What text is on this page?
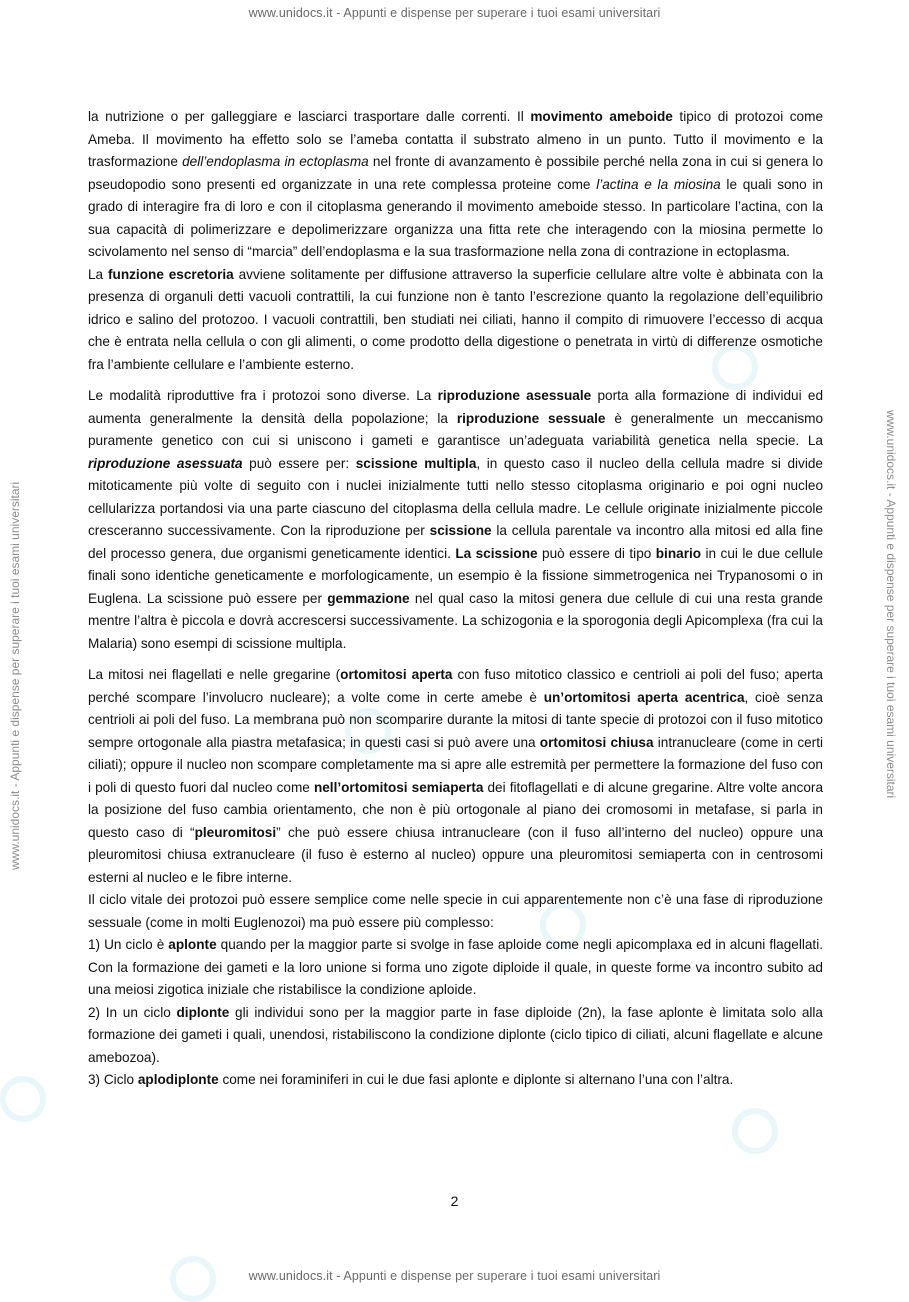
www.unidocs.it - Appunti e dispense per superare i tuoi esami universitari
www.unidocs.it - Appunti e dispense per superare i tuoi esami universitari	www.unidocs.it - Appunti e dispense per superare i tuoi esami universitari

la nutrizione o per galleggiare e lasciarci trasportare dalle correnti. Il movimento ameboide tipico di protozoi come Ameba. Il movimento ha effetto solo se l’ameba contatta il substrato almeno in un punto. Tutto il movimento e la trasformazione dell’endoplasma in ectoplasma nel fronte di avanzamento è possibile perché nella zona in cui si genera lo pseudopodio sono presenti ed organizzate in una rete complessa proteine come l’actina e la miosina le quali sono in grado di interagire fra di loro e con il citoplasma generando il movimento ameboide stesso. In particolare l’actina, con la sua capacità di polimerizzare e depolimerizzare organizza una fitta rete che interagendo con la miosina permette lo scivolamento nel senso di “marcia” dell’endoplasma e la sua trasformazione nella zona di contrazione in ectoplasma.

La funzione escretoria avviene solitamente per diffusione attraverso la superficie cellulare altre volte è abbinata con la presenza di organuli detti vacuoli contrattili, la cui funzione non è tanto l’escrezione quanto la regolazione dell’equilibrio idrico e salino del protozoo. I vacuoli contrattili, ben studiati nei ciliati, hanno il compito di rimuovere l’eccesso di acqua che è entrata nella cellula o con gli alimenti, o come prodotto della digestione o penetrata in virtù di differenze osmotiche fra l’ambiente cellulare e l’ambiente esterno.

Le modalità riproduttive fra i protozoi sono diverse. La riproduzione asessuale porta alla formazione di individui ed aumenta generalmente la densità della popolazione; la riproduzione sessuale è generalmente un meccanismo puramente genetico con cui si uniscono i gameti e garantisce un’adeguata variabilità genetica nella specie. La riproduzione asessuata può essere per: scissione multipla, in questo caso il nucleo della cellula madre si divide mitoticamente più volte di seguito con i nuclei inizialmente tutti nello stesso citoplasma originario e poi ogni nucleo cellularizza portandosi via una parte ciascuno del citoplasma della cellula madre. Le cellule originate inizialmente piccole cresceranno successivamente. Con la riproduzione per scissione la cellula parentale va incontro alla mitosi ed alla fine del processo genera, due organismi geneticamente identici. La scissione può essere di tipo binario in cui le due cellule finali sono identiche geneticamente e morfologicamente, un esempio è la fissione simmetrogenica nei Trypanosomi o in Euglena. La scissione può essere per gemmazione nel qual caso la mitosi genera due cellule di cui una resta grande mentre l’altra è piccola e dovrà accrescersi successivamente. La schizogonia e la sporogonia degli Apicomplexa (fra cui la Malaria) sono esempi di scissione multipla.

La mitosi nei flagellati e nelle gregarine (ortomitosi aperta con fuso mitotico classico e centrioli ai poli del fuso; aperta perché scompare l’involucro nucleare); a volte come in certe amebe è un’ortomitosi aperta acentrica, cioè senza centrioli ai poli del fuso. La membrana può non scomparire durante la mitosi di tante specie di protozoi con il fuso mitotico sempre ortogonale alla piastra metafasica; in questi casi si può avere una ortomitosi chiusa intranucleare (come in certi ciliati); oppure il nucleo non scompare completamente ma si apre alle estremità per permettere la formazione del fuso con i poli di questo fuori dal nucleo come nell’ortomitosi semiaperta dei fitoflagellati e di alcune gregarine. Altre volte ancora la posizione del fuso cambia orientamento, che non è più ortogonale al piano dei cromosomi in metafase, si parla in questo caso di “pleuromitosi” che può essere chiusa intranucleare (con il fuso all’interno del nucleo) oppure una pleuromitosi chiusa extranucleare (il fuso è esterno al nucleo) oppure una pleuromitosi semiaperta con in centrosomi esterni al nucleo e le fibre interne.

Il ciclo vitale dei protozoi può essere semplice come nelle specie in cui apparentemente non c’è una fase di riproduzione sessuale (come in molti Euglenozoi) ma può essere più complesso:

1) Un ciclo è aplonte quando per la maggior parte si svolge in fase aploide come negli apicomplaxa ed in alcuni flagellati. Con la formazione dei gameti e la loro unione si forma uno zigote diploide il quale, in queste forme va incontro subito ad una meiosi zigotica iniziale che ristabilisce la condizione aploide.

2) In un ciclo diplonte gli individui sono per la maggior parte in fase diploide (2n), la fase aplonte è limitata solo alla formazione dei gameti i quali, unendosi, ristabiliscono la condizione diplonte (ciclo tipico di ciliati, alcuni flagellate e alcune amebozoa).

3) Ciclo aplodiplonte come nei foraminiferi in cui le due fasi aplonte e diplonte si alternano l’una con l’altra.

2
www.unidocs.it - Appunti e dispense per superare i tuoi esami universitari
